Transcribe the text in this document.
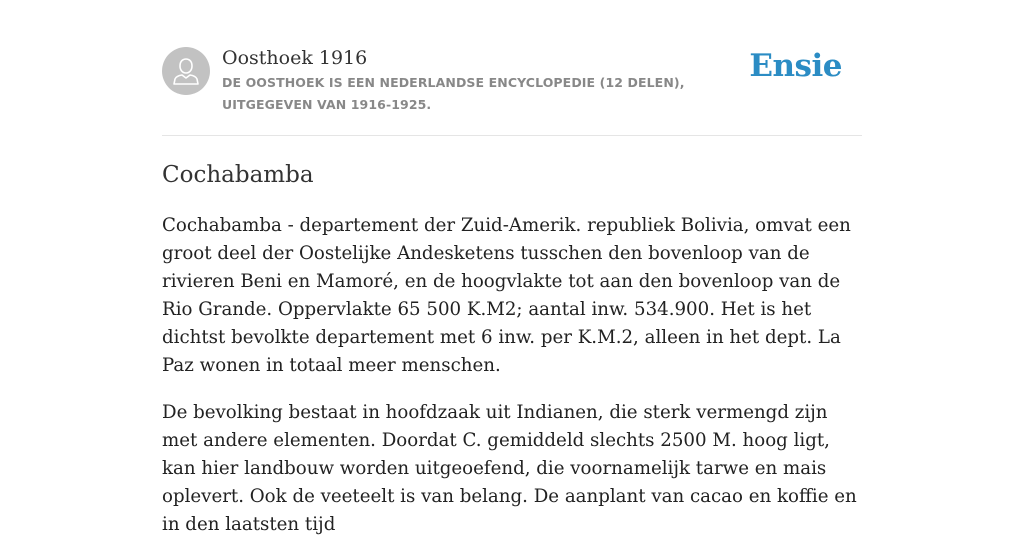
Oosthoek 1916
DE OOSTHOEK IS EEN NEDERLANDSE ENCYCLOPEDIE (12 DELEN), UITGEGEVEN VAN 1916-1925.
Ensie
Cochabamba

Cochabamba - departement der Zuid-Amerik. republiek Bolivia, omvat een groot deel der Oostelijke Andesketens tusschen den bovenloop van de rivieren Beni en Mamoré, en de hoogvlakte tot aan den bovenloop van de Rio Grande. Oppervlakte 65 500 K.M2; aantal inw. 534.900. Het is het dichtst bevolkte departement met 6 inw. per K.M.2, alleen in het dept. La Paz wonen in totaal meer menschen.

De bevolking bestaat in hoofdzaak uit Indianen, die sterk vermengd zijn met andere elementen. Doordat C. gemiddeld slechts 2500 M. hoog ligt, kan hier landbouw worden uitgeoefend, die voornamelijk tarwe en mais oplevert. Ook de veeteelt is van belang. De aanplant van cacao en koffie en in den laatsten tijd
